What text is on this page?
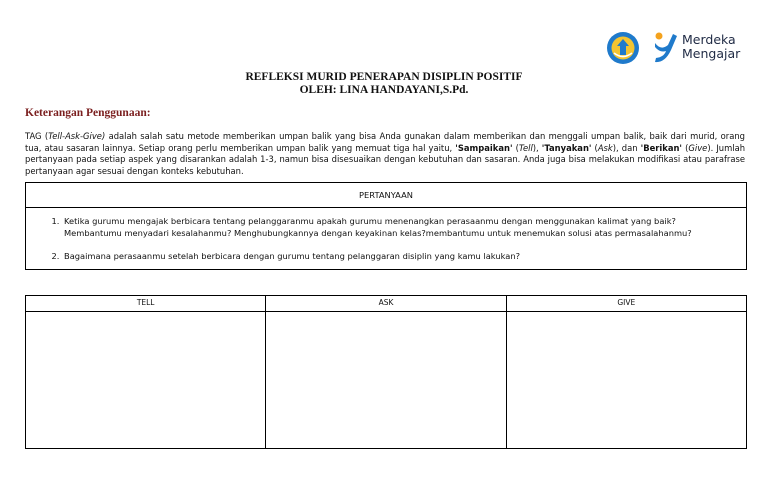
Merdeka
Mengajar
REFLEKSI MURID PENERAPAN DISIPLIN POSITIF
OLEH: LINA HANDAYANI,S.Pd.
Keterangan Penggunaan:
TAG (Tell-Ask-Give) adalah salah satu metode memberikan umpan balik yang bisa Anda gunakan dalam memberikan dan menggali umpan balik, baik dari murid, orang tua, atau sasaran lainnya. Setiap orang perlu memberikan umpan balik yang memuat tiga hal yaitu, 'Sampaikan' (Tell), 'Tanyakan' (Ask), dan 'Berikan' (Give). Jumlah pertanyaan pada setiap aspek yang disarankan adalah 1-3, namun bisa disesuaikan dengan kebutuhan dan sasaran. Anda juga bisa melakukan modifikasi atau parafrase pertanyaan agar sesuai dengan konteks kebutuhan.
PERTANYAAN
1. Ketika gurumu mengajak berbicara tentang pelanggaranmu apakah gurumu menenangkan perasaanmu dengan menggunakan kalimat yang baik? Membantumu menyadari kesalahanmu? Menghubungkannya dengan keyakinan kelas?membantumu untuk menemukan solusi atas permasalahanmu?
2. Bagaimana perasaanmu setelah berbicara dengan gurumu tentang pelanggaran disiplin yang kamu lakukan?
TELL	ASK	GIVE
